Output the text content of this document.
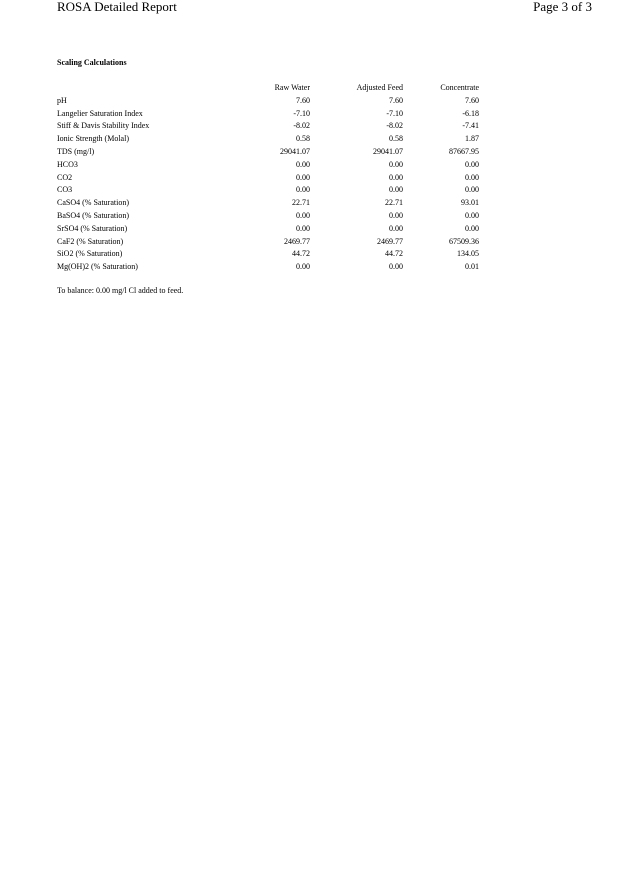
ROSA Detailed Report	Page 3 of 3
Scaling Calculations
	Raw Water	Adjusted Feed	Concentrate
pH	7.60	7.60	7.60
Langelier Saturation Index	-7.10	-7.10	-6.18
Stiff & Davis Stability Index	-8.02	-8.02	-7.41
Ionic Strength (Molal)	0.58	0.58	1.87
TDS (mg/l)	29041.07	29041.07	87667.95
HCO3	0.00	0.00	0.00
CO2	0.00	0.00	0.00
CO3	0.00	0.00	0.00
CaSO4 (% Saturation)	22.71	22.71	93.01
BaSO4 (% Saturation)	0.00	0.00	0.00
SrSO4 (% Saturation)	0.00	0.00	0.00
CaF2 (% Saturation)	2469.77	2469.77	67509.36
SiO2 (% Saturation)	44.72	44.72	134.05
Mg(OH)2 (% Saturation)	0.00	0.00	0.01
To balance: 0.00 mg/l Cl added to feed.
